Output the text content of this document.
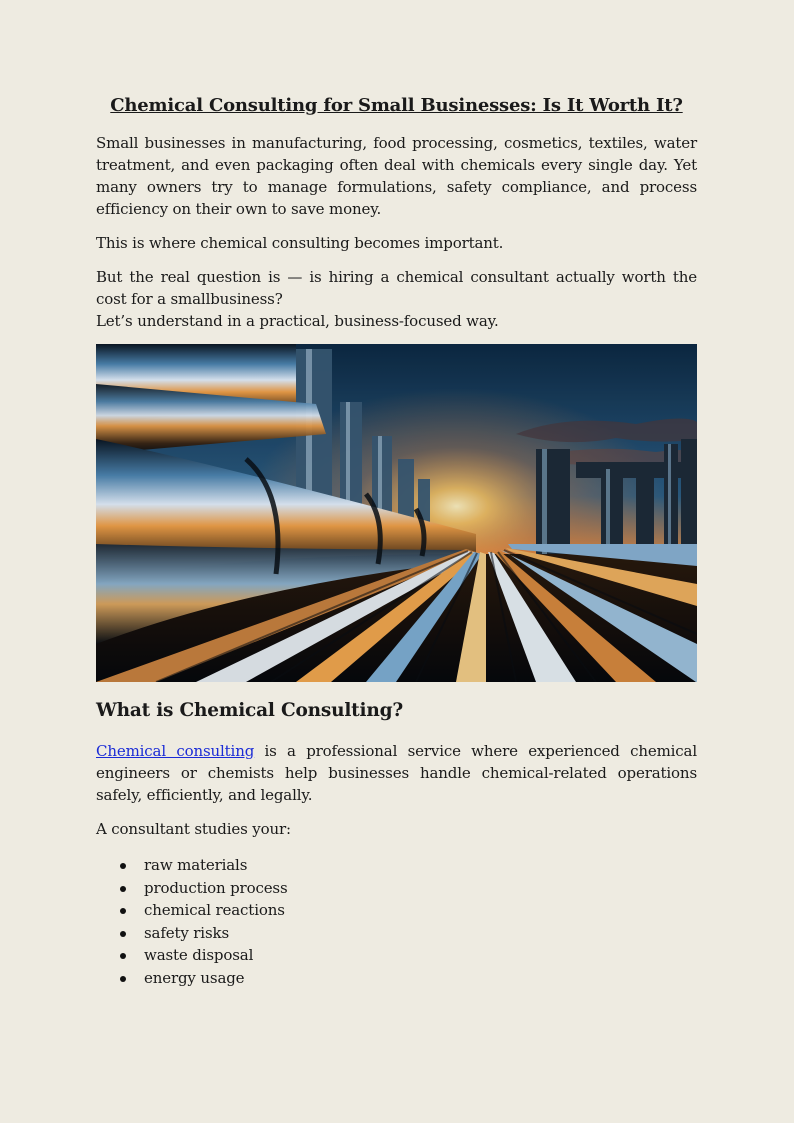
Chemical Consulting for Small Businesses: Is It Worth It?

Small businesses in manufacturing, food processing, cosmetics, textiles, water treatment, and even packaging often deal with chemicals every single day. Yet many owners try to manage formulations, safety compliance, and process efficiency on their own to save money.

This is where chemical consulting becomes important.

But the real question is — is hiring a chemical consultant actually worth the cost for a smallbusiness?
Let’s understand in a practical, business-focused way.

What is Chemical Consulting?

Chemical consulting is a professional service where experienced chemical engineers or chemists help businesses handle chemical-related operations safely, efficiently, and legally.

A consultant studies your:

raw materials
production process
chemical reactions
safety risks
waste disposal
energy usage
